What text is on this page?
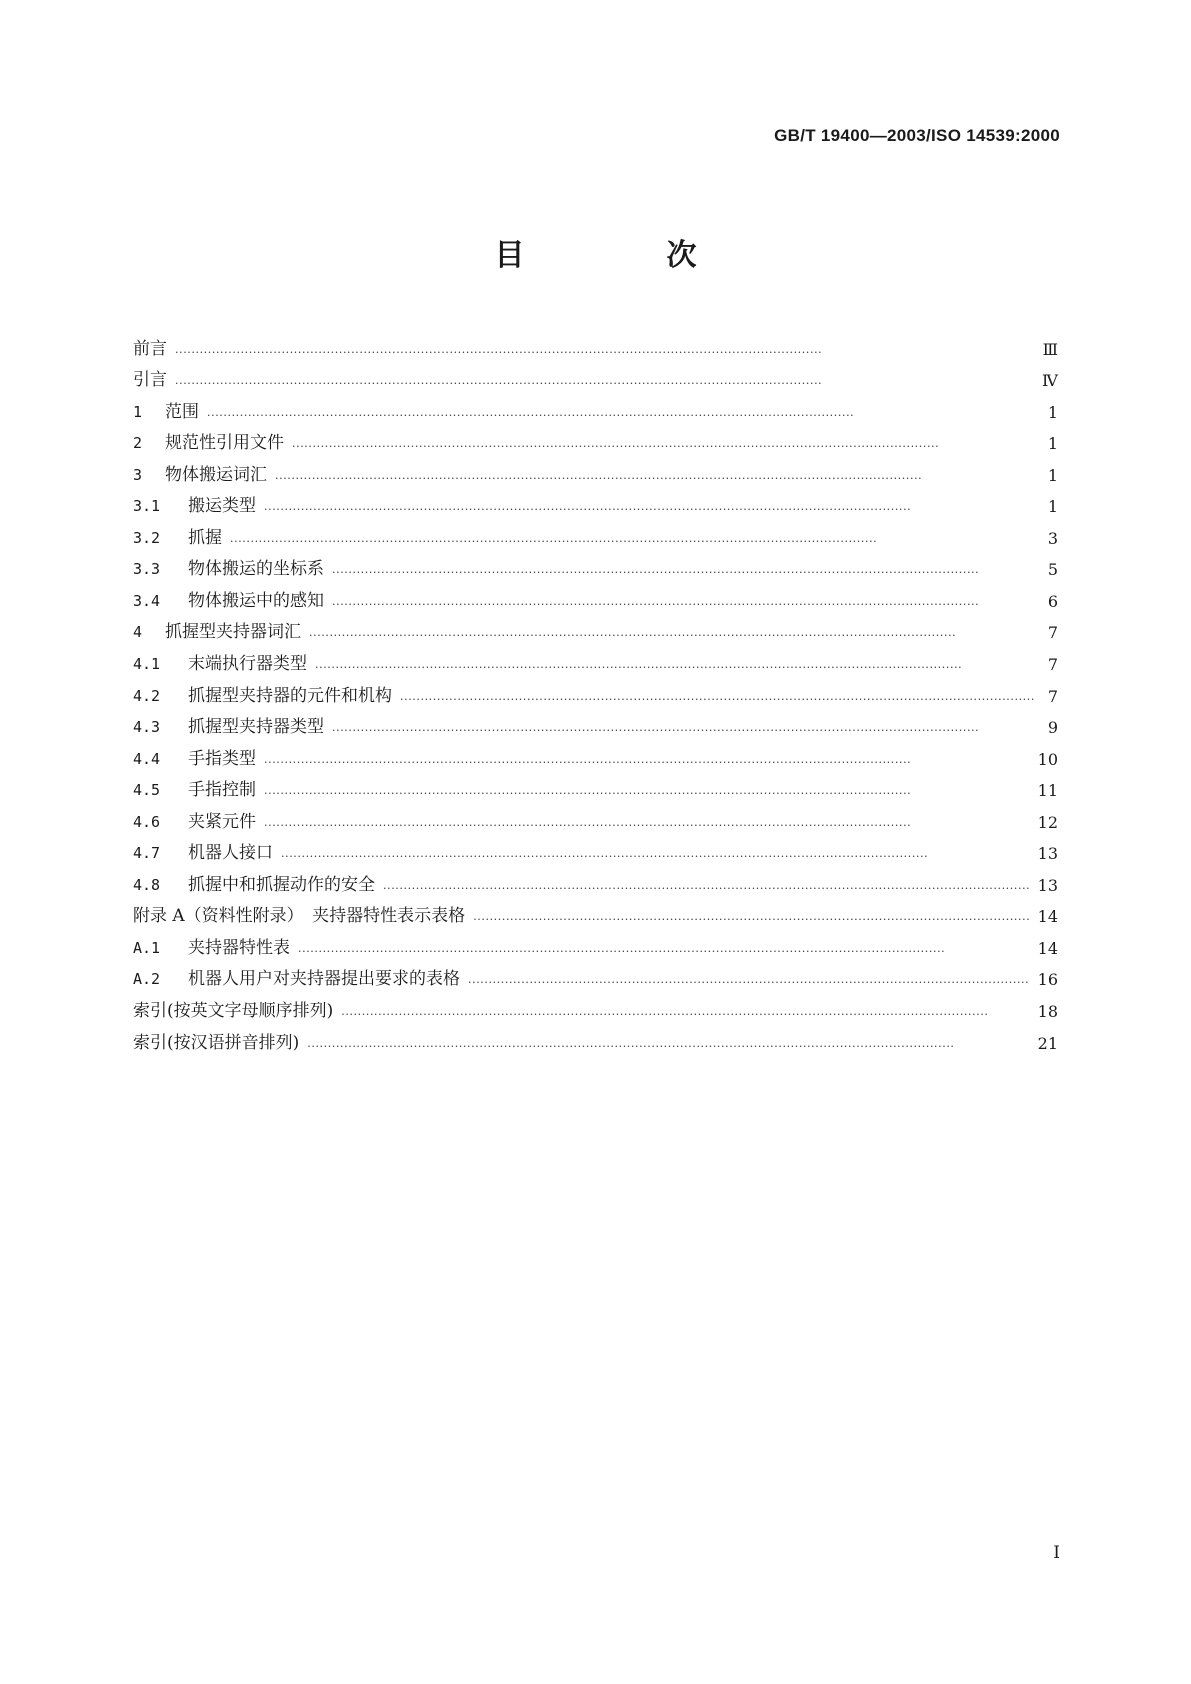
GB/T 19400—2003/ISO 14539:2000
目　次
前言 ·····	Ⅲ
引言 ·····	Ⅳ
1 范围 ·····	1
2 规范性引用文件 ·····	1
3 物体搬运词汇 ·····	1
3.1 搬运类型 ·····	1
3.2 抓握 ·····	3
3.3 物体搬运的坐标系 ·····	5
3.4 物体搬运中的感知 ·····	6
4 抓握型夹持器词汇 ·····	7
4.1 末端执行器类型 ·····	7
4.2 抓握型夹持器的元件和机构 ·····	7
4.3 抓握型夹持器类型 ·····	9
4.4 手指类型 ·····	10
4.5 手指控制 ·····	11
4.6 夹紧元件 ·····	12
4.7 机器人接口 ·····	13
4.8 抓握中和抓握动作的安全 ·····	13
附录 A（资料性附录）　夹持器特性表示表格 ·····	14
A.1 夹持器特性表 ·····	14
A.2 机器人用户对夹持器提出要求的表格 ·····	16
索引(按英文字母顺序排列) ·····	18
索引(按汉语拼音排列) ·····	21
I
